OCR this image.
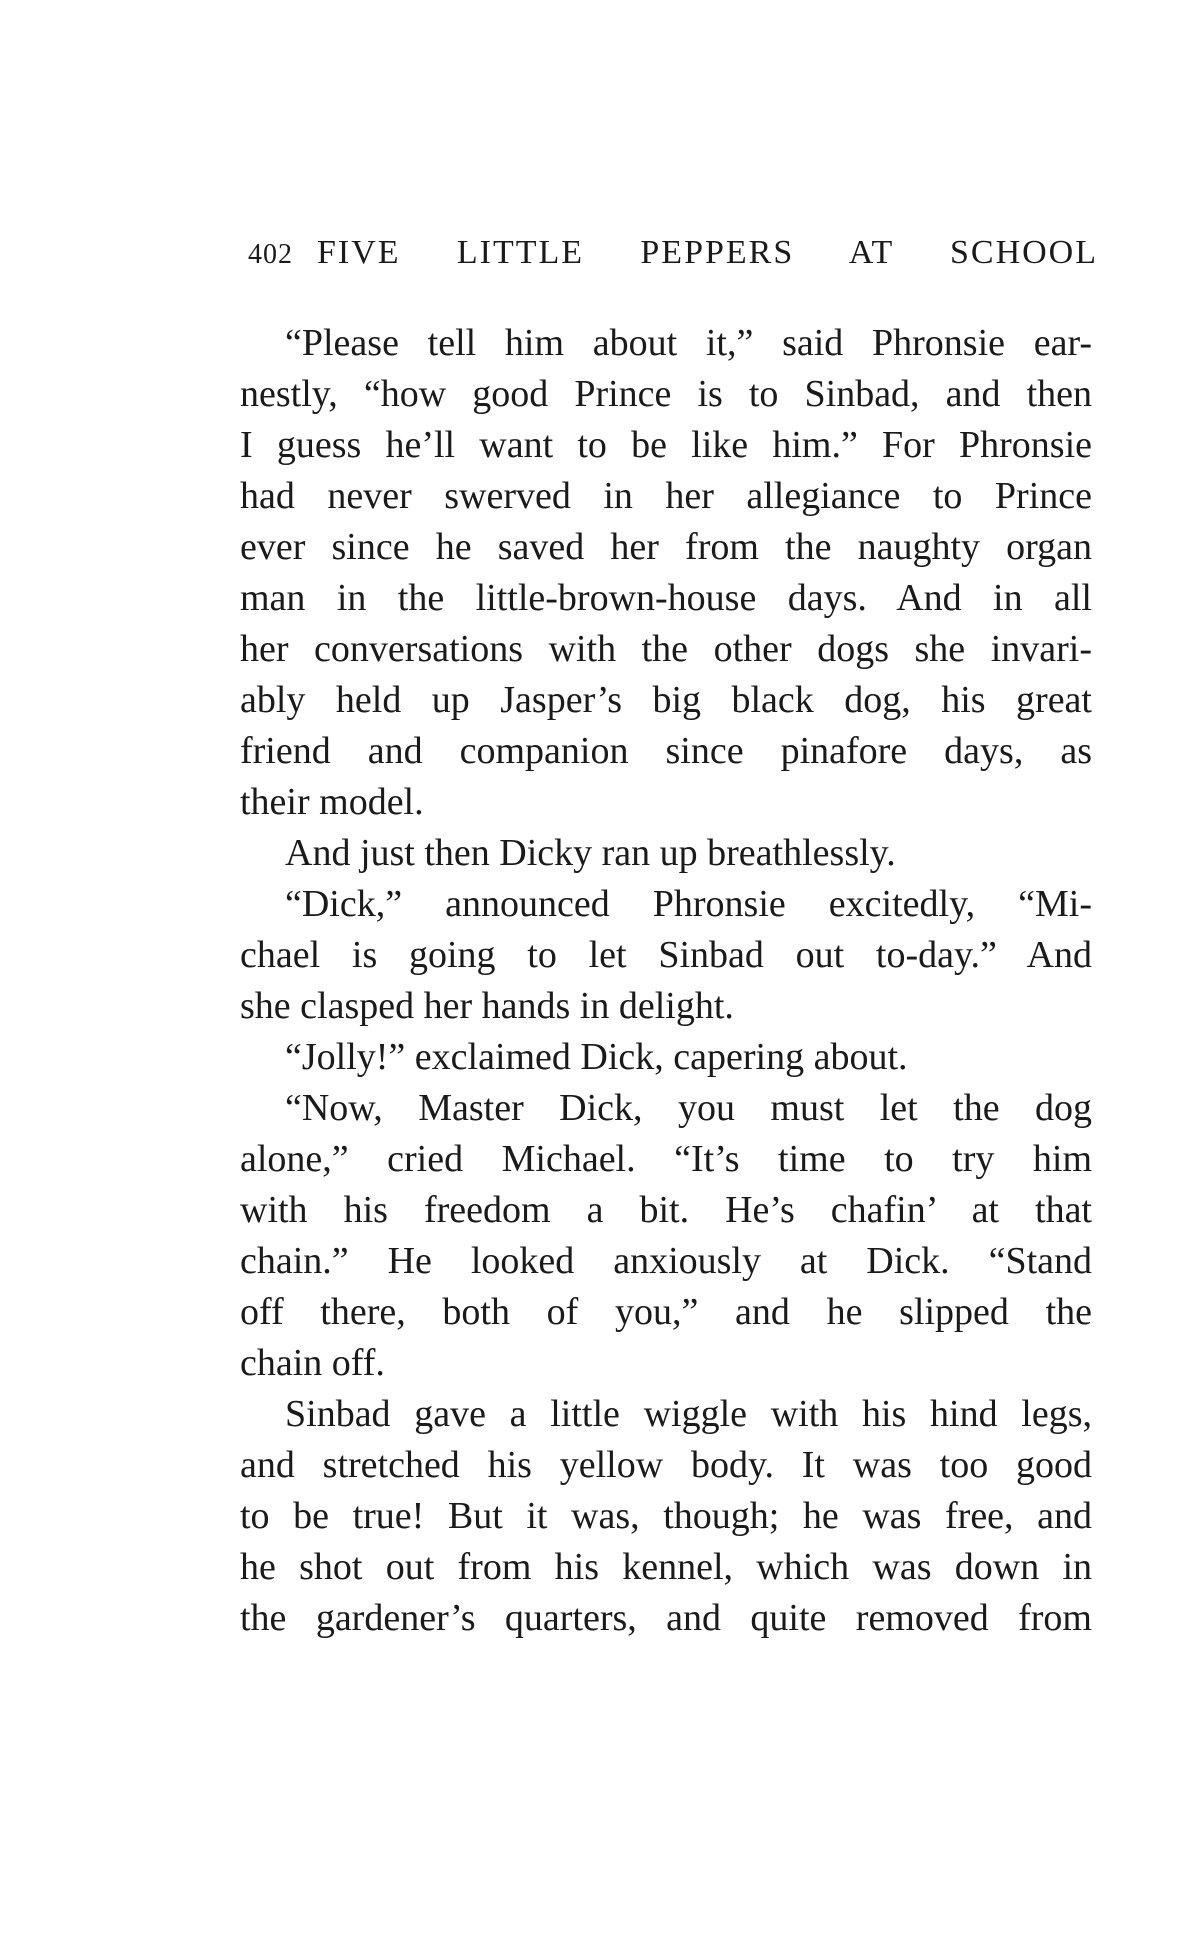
402 FIVE LITTLE PEPPERS AT SCHOOL
“Please tell him about it,” said Phronsie ear-
nestly, “how good Prince is to Sinbad, and then
I guess he’ll want to be like him.” For Phronsie
had never swerved in her allegiance to Prince
ever since he saved her from the naughty organ
man in the little-brown-house days. And in all
her conversations with the other dogs she invari-
ably held up Jasper’s big black dog, his great
friend and companion since pinafore days, as
their model.
And just then Dicky ran up breathlessly.
“Dick,” announced Phronsie excitedly, “Mi-
chael is going to let Sinbad out to-day.” And
she clasped her hands in delight.
“Jolly!” exclaimed Dick, capering about.
“Now, Master Dick, you must let the dog
alone,” cried Michael. “It’s time to try him
with his freedom a bit. He’s chafin’ at that
chain.” He looked anxiously at Dick. “Stand
off there, both of you,” and he slipped the
chain off.
Sinbad gave a little wiggle with his hind legs,
and stretched his yellow body. It was too good
to be true! But it was, though; he was free, and
he shot out from his kennel, which was down in
the gardener’s quarters, and quite removed from
